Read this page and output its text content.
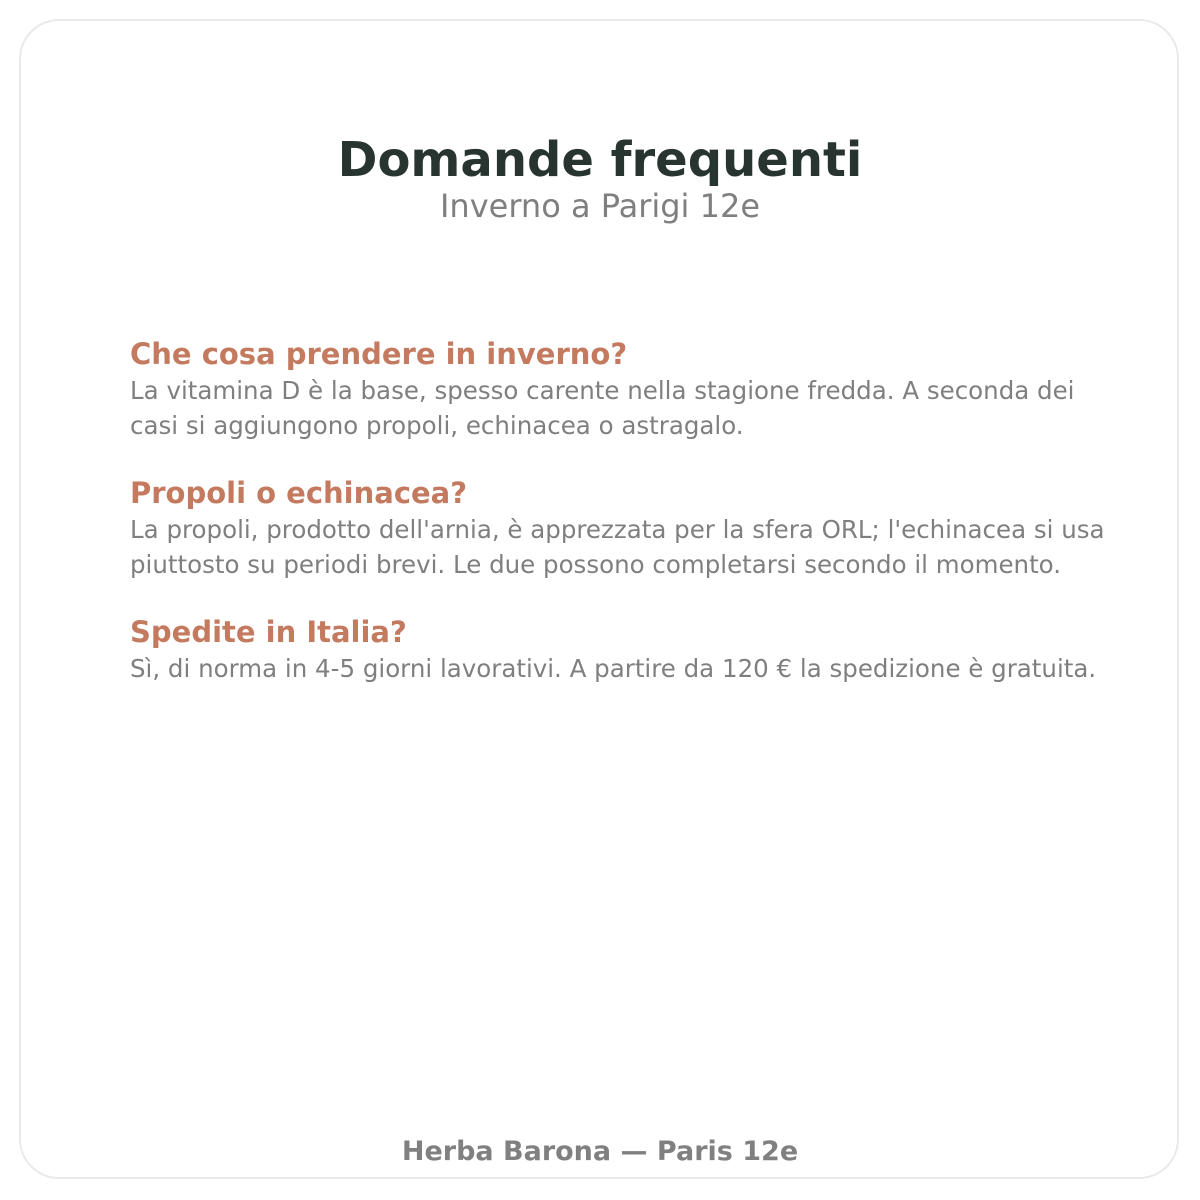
Domande frequenti
Inverno a Parigi 12e
Che cosa prendere in inverno?

La vitamina D è la base, spesso carente nella stagione fredda. A seconda dei casi si aggiungono propoli, echinacea o astragalo.

Propoli o echinacea?

La propoli, prodotto dell'arnia, è apprezzata per la sfera ORL; l'echinacea si usa piuttosto su periodi brevi. Le due possono completarsi secondo il momento.

Spedite in Italia?

Sì, di norma in 4-5 giorni lavorativi. A partire da 120 € la spedizione è gratuita.

Herba Barona — Paris 12e
